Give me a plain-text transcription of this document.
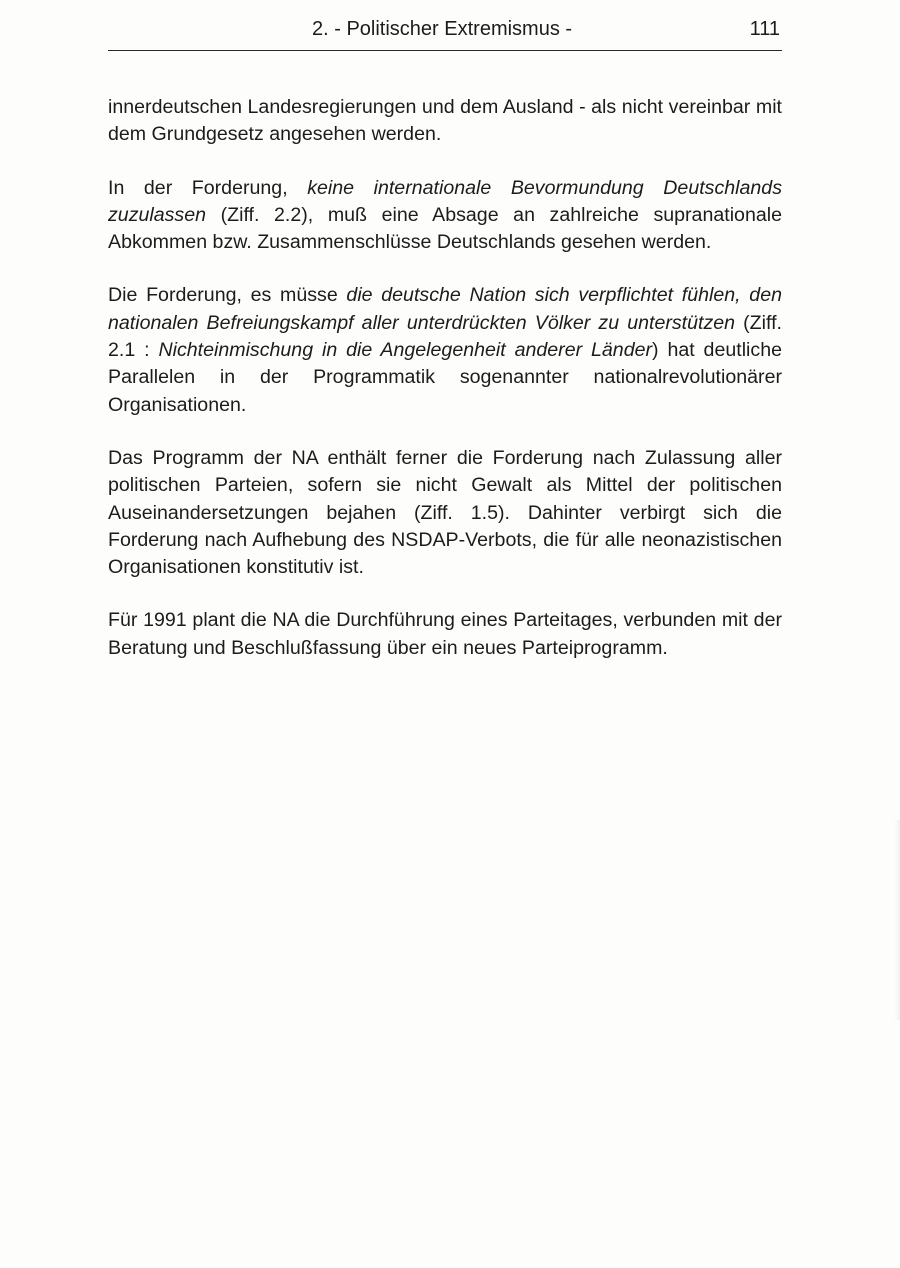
2. - Politischer Extremismus -	111

innerdeutschen Landesregierungen und dem Ausland - als nicht vereinbar mit dem Grundgesetz angesehen werden.

In der Forderung, keine internationale Bevormundung Deutschlands zuzulassen (Ziff. 2.2), muß eine Absage an zahlreiche supranationale Abkommen bzw. Zusammenschlüsse Deutschlands gesehen werden.

Die Forderung, es müsse die deutsche Nation sich verpflichtet fühlen, den nationalen Befreiungskampf aller unterdrückten Völker zu unterstützen (Ziff. 2.1 : Nichteinmischung in die Angelegenheit anderer Länder) hat deutliche Parallelen in der Programmatik sogenannter nationalrevolutionärer Organisationen.

Das Programm der NA enthält ferner die Forderung nach Zulassung aller politischen Parteien, sofern sie nicht Gewalt als Mittel der politischen Auseinandersetzungen bejahen (Ziff. 1.5). Dahinter verbirgt sich die Forderung nach Aufhebung des NSDAP-Verbots, die für alle neonazistischen Organisationen konstitutiv ist.

Für 1991 plant die NA die Durchführung eines Parteitages, verbunden mit der Beratung und Beschlußfassung über ein neues Parteiprogramm.
